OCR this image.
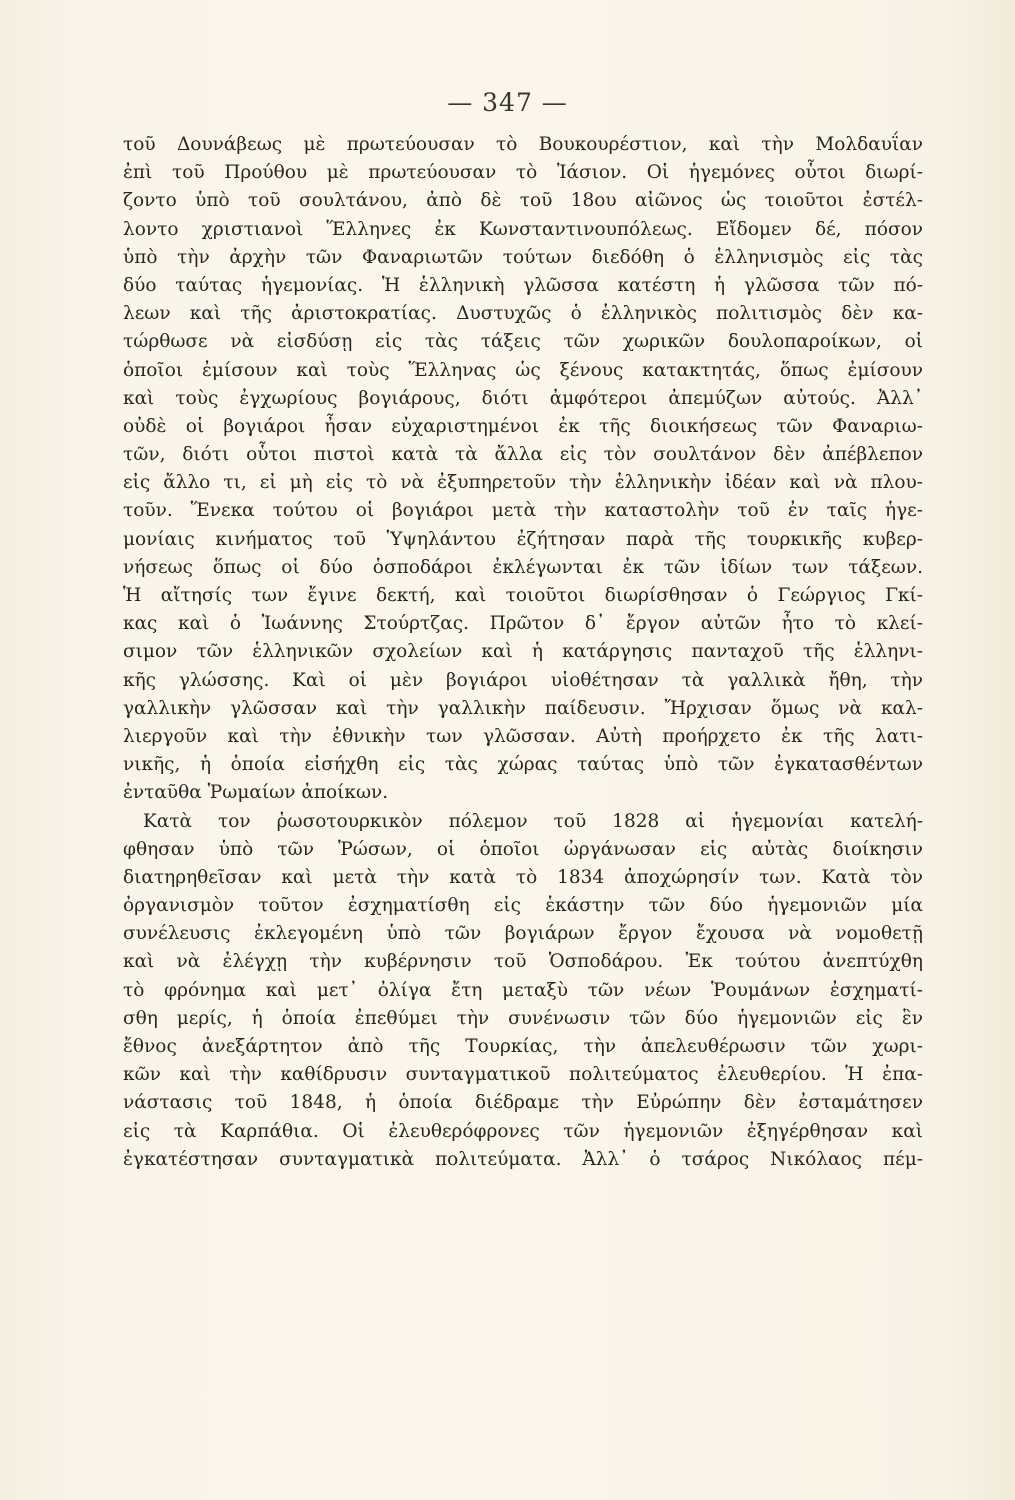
— 347 —
τοῦ Δουνάβεως μὲ πρωτεύουσαν τὸ Βουκουρέστιον, καὶ τὴν Μολδαυΐαν
ἐπὶ τοῦ Προύθου μὲ πρωτεύουσαν τὸ Ἰάσιον. Οἱ ἡγεμόνες οὗτοι διωρί-
ζοντο ὑπὸ τοῦ σουλτάνου, ἀπὸ δὲ τοῦ 18ου αἰῶνος ὡς τοιοῦτοι ἐστέλ-
λοντο χριστιανοὶ Ἕλληνες ἐκ Κωνσταντινουπόλεως. Εἴδομεν δέ, πόσον
ὑπὸ τὴν ἀρχὴν τῶν Φαναριωτῶν τούτων διεδόθη ὁ ἑλληνισμὸς εἰς τὰς
δύο ταύτας ἡγεμονίας. Ἡ ἑλληνικὴ γλῶσσα κατέστη ἡ γλῶσσα τῶν πό-
λεων καὶ τῆς ἀριστοκρατίας. Δυστυχῶς ὁ ἑλληνικὸς πολιτισμὸς δὲν κα-
τώρθωσε νὰ εἰσδύσῃ εἰς τὰς τάξεις τῶν χωρικῶν δουλοπαροίκων, οἱ
ὁποῖοι ἐμίσουν καὶ τοὺς Ἕλληνας ὡς ξένους κατακτητάς, ὅπως ἐμίσουν
καὶ τοὺς ἐγχωρίους βογιάρους, διότι ἀμφότεροι ἀπεμύζων αὐτούς. Ἀλλ᾽
οὐδὲ οἱ βογιάροι ἦσαν εὐχαριστημένοι ἐκ τῆς διοικήσεως τῶν Φαναριω-
τῶν, διότι οὗτοι πιστοὶ κατὰ τὰ ἄλλα εἰς τὸν σουλτάνον δὲν ἀπέβλεπον
εἰς ἄλλο τι, εἰ μὴ εἰς τὸ νὰ ἐξυπηρετοῦν τὴν ἑλληνικὴν ἰδέαν καὶ νὰ πλου-
τοῦν. Ἕνεκα τούτου οἱ βογιάροι μετὰ τὴν καταστολὴν τοῦ ἐν ταῖς ἡγε-
μονίαις κινήματος τοῦ Ὑψηλάντου ἐζήτησαν παρὰ τῆς τουρκικῆς κυβερ-
νήσεως ὅπως οἱ δύο ὁσποδάροι ἐκλέγωνται ἐκ τῶν ἰδίων των τάξεων.
Ἡ αἴτησίς των ἔγινε δεκτή, καὶ τοιοῦτοι διωρίσθησαν ὁ Γεώργιος Γκί-
κας καὶ ὁ Ἰωάννης Στούρτζας. Πρῶτον δ᾽ ἔργον αὐτῶν ἦτο τὸ κλεί-
σιμον τῶν ἑλληνικῶν σχολείων καὶ ἡ κατάργησις πανταχοῦ τῆς ἑλληνι-
κῆς γλώσσης. Καὶ οἱ μὲν βογιάροι υἱοθέτησαν τὰ γαλλικὰ ἤθη, τὴν
γαλλικὴν γλῶσσαν καὶ τὴν γαλλικὴν παίδευσιν. Ἤρχισαν ὅμως νὰ καλ-
λιεργοῦν καὶ τὴν ἐθνικὴν των γλῶσσαν. Αὐτὴ προήρχετο ἐκ τῆς λατι-
νικῆς, ἡ ὁποία εἰσήχθη εἰς τὰς χώρας ταύτας ὑπὸ τῶν ἐγκατασθέντων
ἐνταῦθα Ῥωμαίων ἀποίκων.
Κατὰ τον ῥωσοτουρκικὸν πόλεμον τοῦ 1828 αἱ ἡγεμονίαι κατελή-
φθησαν ὑπὸ τῶν Ῥώσων, οἱ ὁποῖοι ὠργάνωσαν εἰς αὐτὰς διοίκησιν
διατηρηθεῖσαν καὶ μετὰ τὴν κατὰ τὸ 1834 ἀποχώρησίν των. Κατὰ τὸν
ὀργανισμὸν τοῦτον ἐσχηματίσθη εἰς ἑκάστην τῶν δύο ἡγεμονιῶν μία
συνέλευσις ἐκλεγομένη ὑπὸ τῶν βογιάρων ἔργον ἔχουσα νὰ νομοθετῇ
καὶ νὰ ἐλέγχῃ τὴν κυβέρνησιν τοῦ Ὁσποδάρου. Ἐκ τούτου ἀνεπτύχθη
τὸ φρόνημα καὶ μετ᾽ ὀλίγα ἔτη μεταξὺ τῶν νέων Ῥουμάνων ἐσχηματί-
σθη μερίς, ἡ ὁποία ἐπεθύμει τὴν συνένωσιν τῶν δύο ἡγεμονιῶν εἰς ἓν
ἔθνος ἀνεξάρτητον ἀπὸ τῆς Τουρκίας, τὴν ἀπελευθέρωσιν τῶν χωρι-
κῶν καὶ τὴν καθίδρυσιν συνταγματικοῦ πολιτεύματος ἐλευθερίου. Ἡ ἐπα-
νάστασις τοῦ 1848, ἡ ὁποία διέδραμε τὴν Εὐρώπην δὲν ἐσταμάτησεν
εἰς τὰ Καρπάθια. Οἱ ἐλευθερόφρονες τῶν ἡγεμονιῶν ἐξηγέρθησαν καὶ
ἐγκατέστησαν συνταγματικὰ πολιτεύματα. Ἀλλ᾽ ὁ τσάρος Νικόλαος πέμ-
